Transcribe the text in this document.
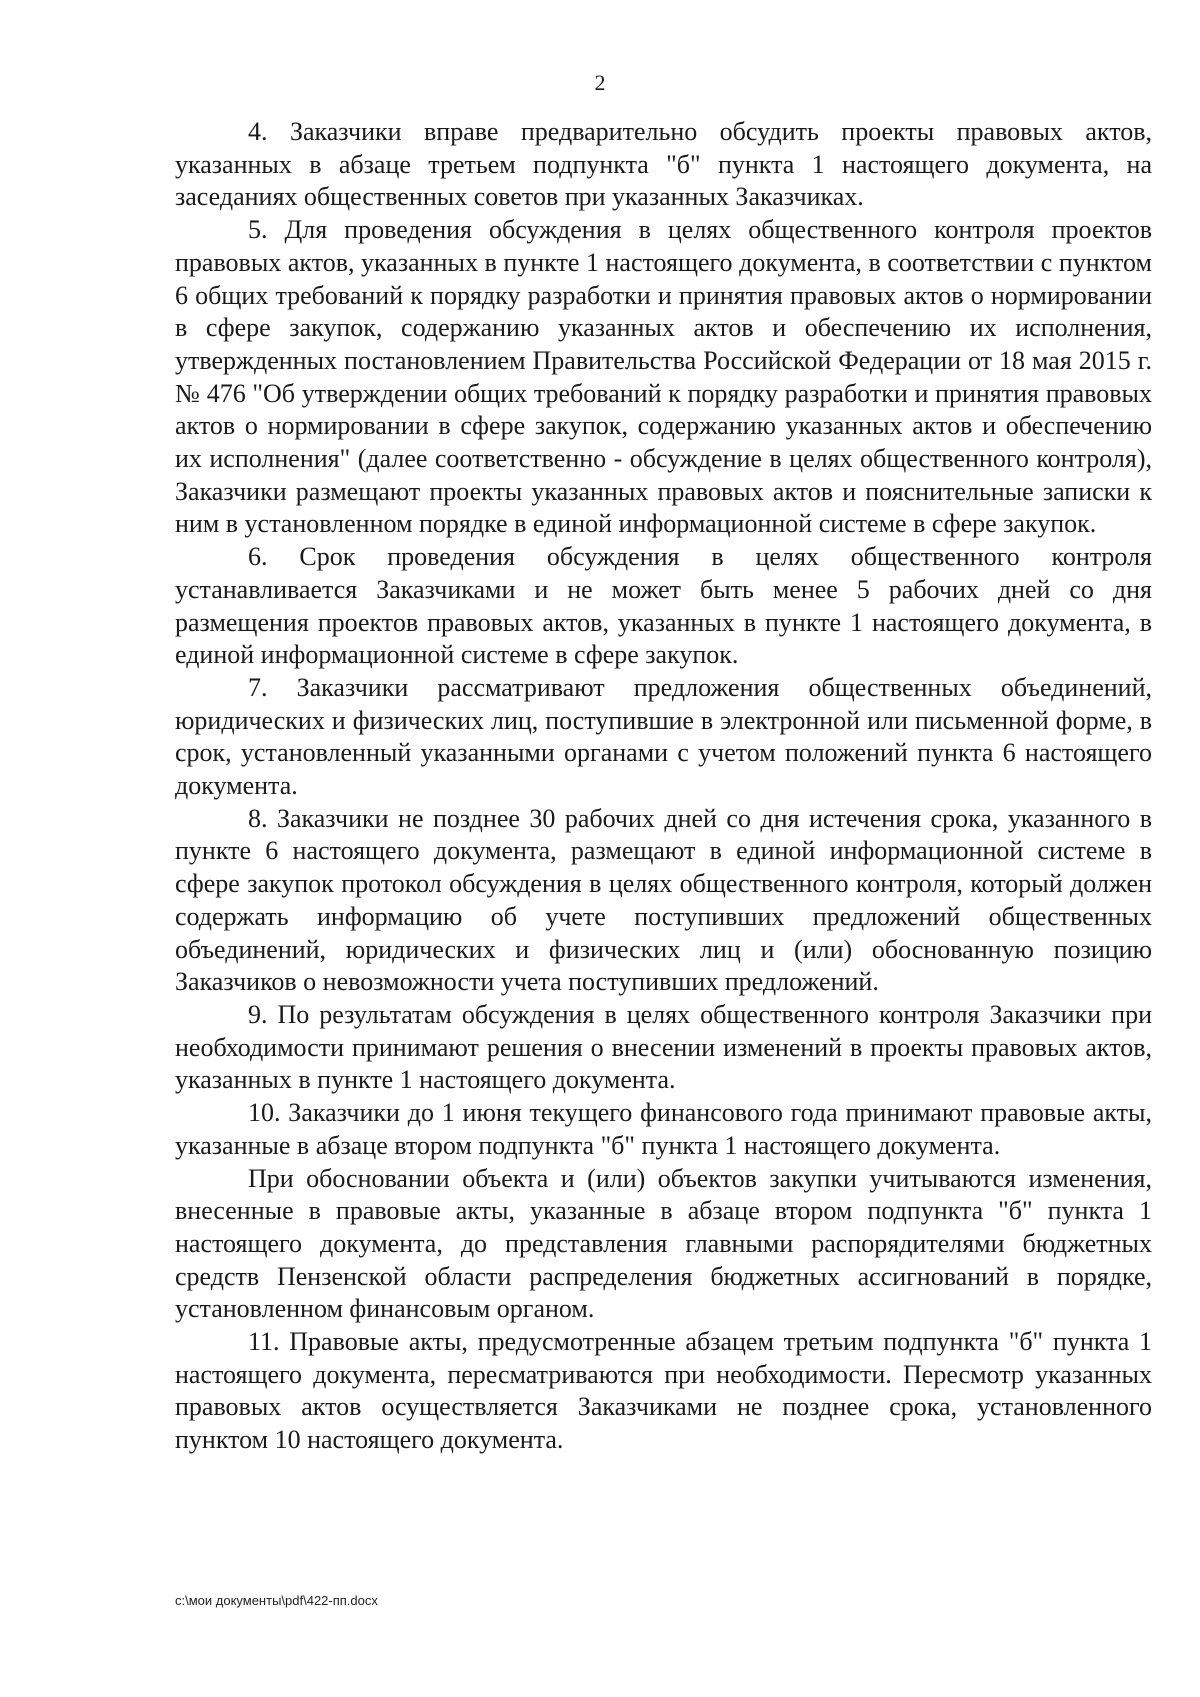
2

4. Заказчики вправе предварительно обсудить проекты правовых актов, указанных в абзаце третьем подпункта "б" пункта 1 настоящего документа, на заседаниях общественных советов при указанных Заказчиках.

5. Для проведения обсуждения в целях общественного контроля проектов правовых актов, указанных в пункте 1 настоящего документа, в соответствии с пунктом 6 общих требований к порядку разработки и принятия правовых актов о нормировании в сфере закупок, содержанию указанных актов и обеспечению их исполнения, утвержденных постановлением Правительства Российской Федерации от 18 мая 2015 г. № 476 "Об утверждении общих требований к порядку разработки и принятия правовых актов о нормировании в сфере закупок, содержанию указанных актов и обеспечению их исполнения" (далее соответственно - обсуждение в целях общественного контроля), Заказчики размещают проекты указанных правовых актов и пояснительные записки к ним в установленном порядке в единой информационной системе в сфере закупок.

6. Срок проведения обсуждения в целях общественного контроля устанавливается Заказчиками и не может быть менее 5 рабочих дней со дня размещения проектов правовых актов, указанных в пункте 1 настоящего документа, в единой информационной системе в сфере закупок.

7. Заказчики рассматривают предложения общественных объединений, юридических и физических лиц, поступившие в электронной или письменной форме, в срок, установленный указанными органами с учетом положений пункта 6 настоящего документа.

8. Заказчики не позднее 30 рабочих дней со дня истечения срока, указанного в пункте 6 настоящего документа, размещают в единой информационной системе в сфере закупок протокол обсуждения в целях общественного контроля, который должен содержать информацию об учете поступивших предложений общественных объединений, юридических и физических лиц и (или) обоснованную позицию Заказчиков о невозможности учета поступивших предложений.

9. По результатам обсуждения в целях общественного контроля Заказчики при необходимости принимают решения о внесении изменений в проекты правовых актов, указанных в пункте 1 настоящего документа.

10. Заказчики до 1 июня текущего финансового года принимают правовые акты, указанные в абзаце втором подпункта "б" пункта 1 настоящего документа.

При обосновании объекта и (или) объектов закупки учитываются изменения, внесенные в правовые акты, указанные в абзаце втором подпункта "б" пункта 1 настоящего документа, до представления главными распорядителями бюджетных средств Пензенской области распределения бюджетных ассигнований в порядке, установленном финансовым органом.

11. Правовые акты, предусмотренные абзацем третьим подпункта "б" пункта 1 настоящего документа, пересматриваются при необходимости. Пересмотр указанных правовых актов осуществляется Заказчиками не позднее срока, установленного пунктом 10 настоящего документа.

c:\мои документы\pdf\422-пп.docx
